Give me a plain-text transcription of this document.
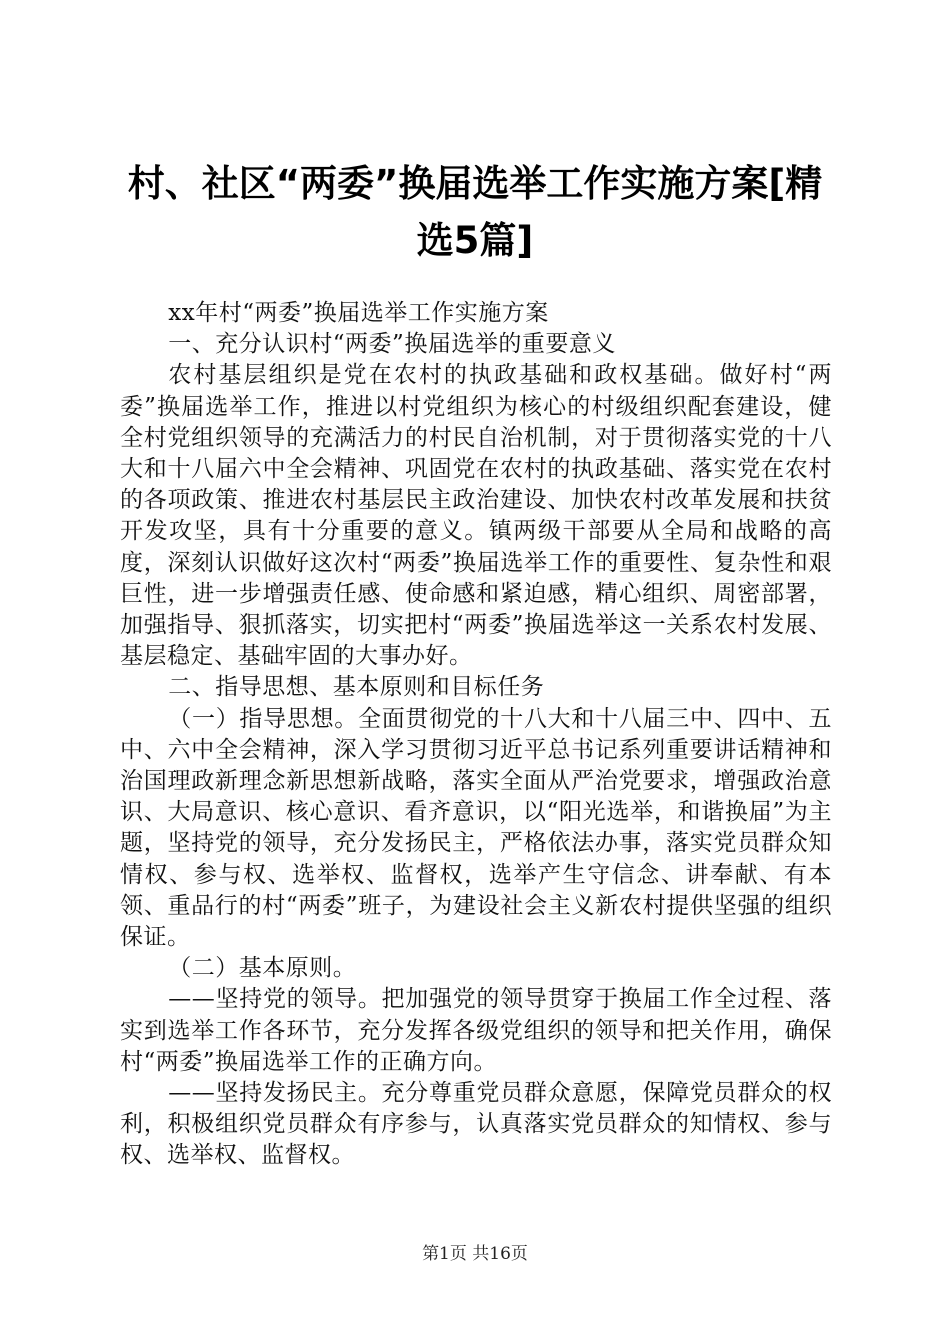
村、社区“两委”换届选举工作实施方案[精
选5篇]

xx年村“两委”换届选举工作实施方案

一、充分认识村“两委”换届选举的重要意义

农村基层组织是党在农村的执政基础和政权基础。做好村“两委”换届选举工作，推进以村党组织为核心的村级组织配套建设，健全村党组织领导的充满活力的村民自治机制，对于贯彻落实党的十八大和十八届六中全会精神、巩固党在农村的执政基础、落实党在农村的各项政策、推进农村基层民主政治建设、加快农村改革发展和扶贫开发攻坚，具有十分重要的意义。镇两级干部要从全局和战略的高度，深刻认识做好这次村“两委”换届选举工作的重要性、复杂性和艰巨性，进一步增强责任感、使命感和紧迫感，精心组织、周密部署，加强指导、狠抓落实，切实把村“两委”换届选举这一关系农村发展、基层稳定、基础牢固的大事办好。

二、指导思想、基本原则和目标任务

（一）指导思想。全面贯彻党的十八大和十八届三中、四中、五中、六中全会精神，深入学习贯彻习近平总书记系列重要讲话精神和治国理政新理念新思想新战略，落实全面从严治党要求，增强政治意识、大局意识、核心意识、看齐意识，以“阳光选举，和谐换届”为主题，坚持党的领导，充分发扬民主，严格依法办事，落实党员群众知情权、参与权、选举权、监督权，选举产生守信念、讲奉献、有本领、重品行的村“两委”班子，为建设社会主义新农村提供坚强的组织保证。

（二）基本原则。

——坚持党的领导。把加强党的领导贯穿于换届工作全过程、落实到选举工作各环节，充分发挥各级党组织的领导和把关作用，确保村“两委”换届选举工作的正确方向。

——坚持发扬民主。充分尊重党员群众意愿，保障党员群众的权利，积极组织党员群众有序参与，认真落实党员群众的知情权、参与权、选举权、监督权。

第1页 共16页
